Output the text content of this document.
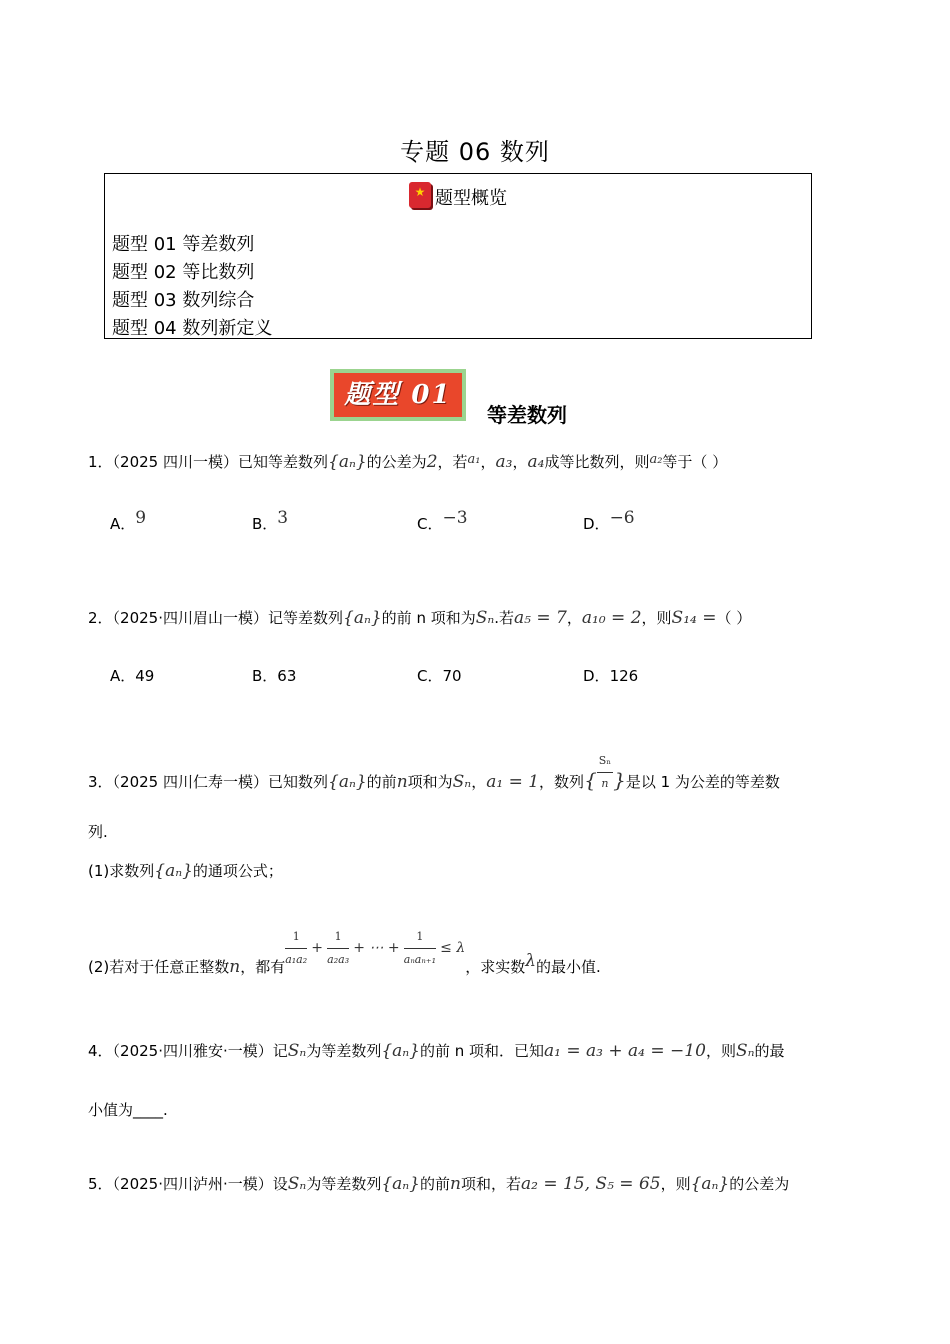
专题 06 数列
★ 题型概览
题型 01 等差数列
题型 02 等比数列
题型 03 数列综合
题型 04 数列新定义
题型 01
等差数列
1．（2025 四川一模）已知等差数列{aₙ}的公差为2，若a₁，a₃，a₄成等比数列，则a₂等于（ ）
A．9	B．3	C．−3	D．−6
2．（2025·四川眉山一模）记等差数列{aₙ}的前 n 项和为Sₙ.若a₅ = 7，a₁₀ = 2，则S₁₄ =（ ）
A．49	B．63	C．70	D．126
3．（2025 四川仁寿一模）已知数列{aₙ}的前n项和为Sₙ，a₁ = 1，数列{ $\frac{\text{Sₙ}}{n}$ }是以 1 为公差的等差数
列.
(1)求数列{aₙ}的通项公式；
(2)若对于任意正整数n，都有 $\frac{1}{\text{a₁a₂}} + \frac{1}{\text{a₂a₃}}$ + ⋯ + $\frac{1}{\text{aₙaₙ₊₁}} \le \lambda$，求实数λ的最小值.
4．（2025·四川雅安·一模）记Sₙ为等差数列{aₙ}的前 n 项和．已知a₁ = a₃ + a₄ = −10，则Sₙ的最
小值为____.
5．（2025·四川泸州·一模）设Sₙ为等差数列{aₙ}的前n项和，若a₂ = 15, S₅ = 65，则{aₙ}的公差为
